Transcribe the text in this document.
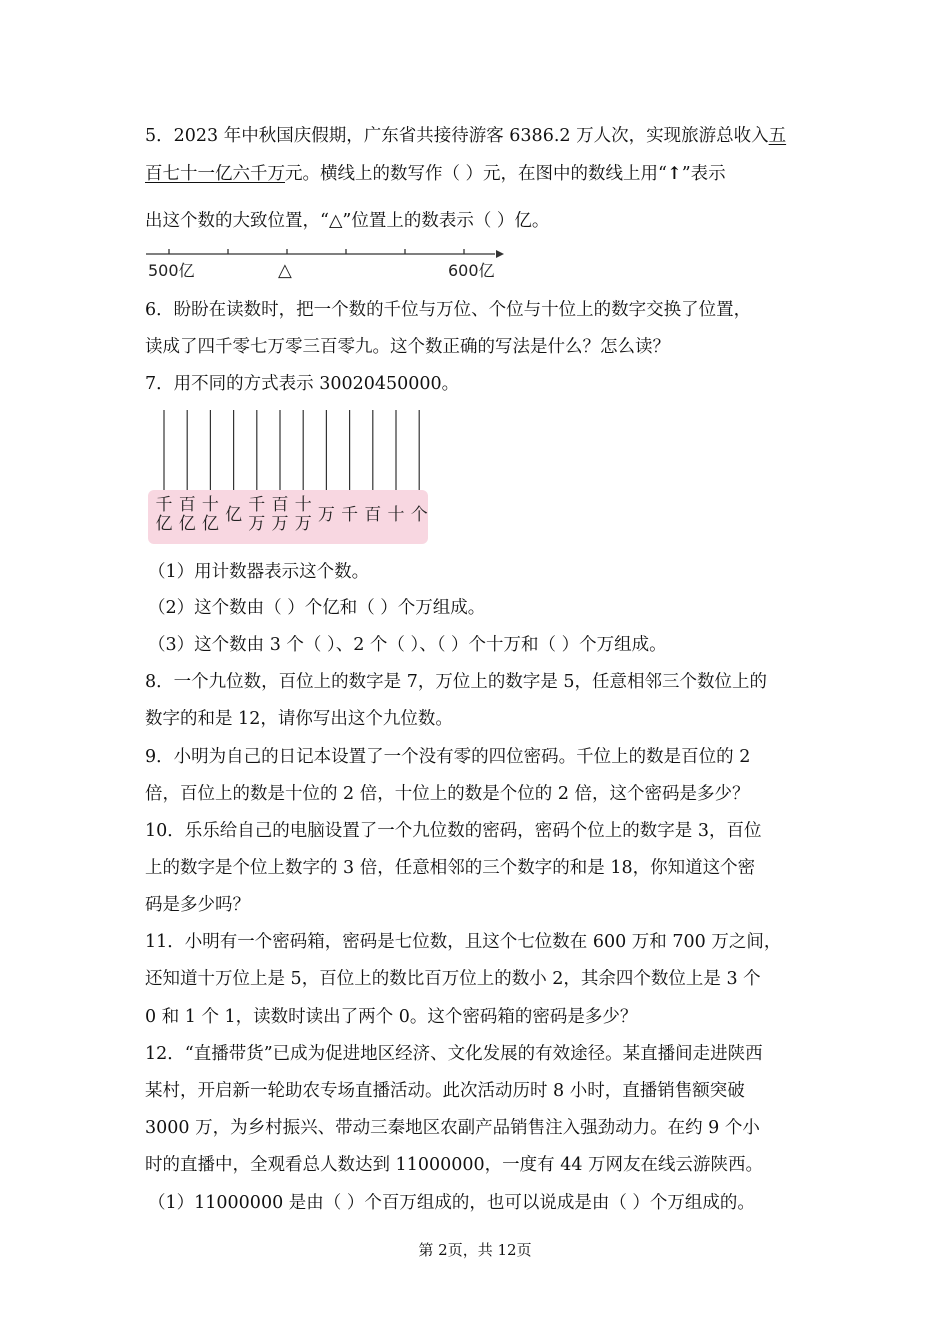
5．2023 年中秋国庆假期，广东省共接待游客 6386.2 万人次，实现旅游总收入五
百七十一亿六千万元。横线上的数写作（ ）元，在图中的数线上用“↑”表示
出这个数的大致位置，“△”位置上的数表示（ ）亿。
500亿	△	600亿
6．盼盼在读数时，把一个数的千位与万位、个位与十位上的数字交换了位置，
读成了四千零七万零三百零九。这个数正确的写法是什么？怎么读？
7．用不同的方式表示 30020450000。
千
亿
百
亿
十
亿 亿 千
万
百
万
十
万 万 千 百 十 个
（1）用计数器表示这个数。
（2）这个数由（ ）个亿和（ ）个万组成。
（3）这个数由 3 个（ ）、2 个（ ）、（ ）个十万和（ ）个万组成。
8．一个九位数，百位上的数字是 7，万位上的数字是 5，任意相邻三个数位上的
数字的和是 12，请你写出这个九位数。
9．小明为自己的日记本设置了一个没有零的四位密码。千位上的数是百位的 2
倍，百位上的数是十位的 2 倍，十位上的数是个位的 2 倍，这个密码是多少？
10．乐乐给自己的电脑设置了一个九位数的密码，密码个位上的数字是 3，百位
上的数字是个位上数字的 3 倍，任意相邻的三个数字的和是 18，你知道这个密
码是多少吗？
11．小明有一个密码箱，密码是七位数，且这个七位数在 600 万和 700 万之间，
还知道十万位上是 5，百位上的数比百万位上的数小 2，其余四个数位上是 3 个
0 和 1 个 1，读数时读出了两个 0。这个密码箱的密码是多少？
12．“直播带货”已成为促进地区经济、文化发展的有效途径。某直播间走进陕西
某村，开启新一轮助农专场直播活动。此次活动历时 8 小时，直播销售额突破
3000 万，为乡村振兴、带动三秦地区农副产品销售注入强劲动力。在约 9 个小
时的直播中，全观看总人数达到 11000000，一度有 44 万网友在线云游陕西。
（1）11000000 是由（ ）个百万组成的，也可以说成是由（ ）个万组成的。
第 2页，共 12页
